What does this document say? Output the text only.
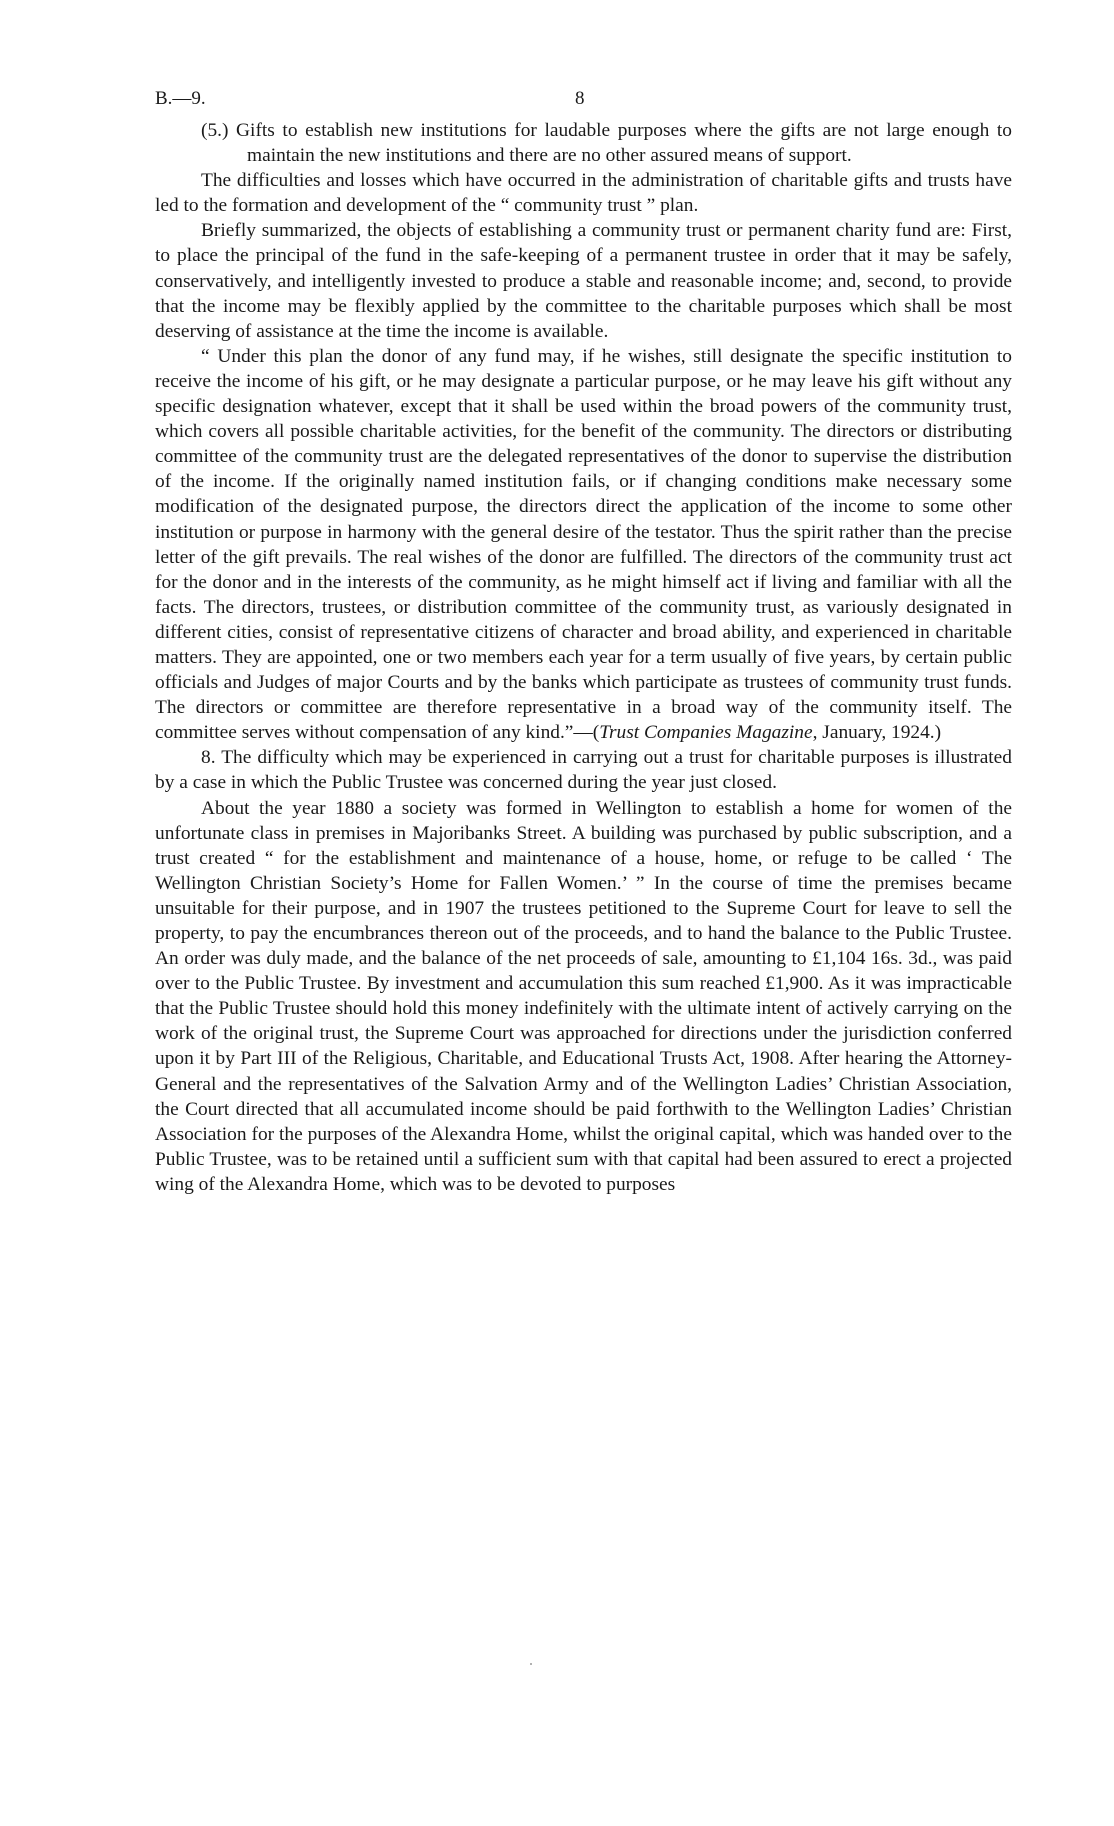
B.—9.	8

(5.) Gifts to establish new institutions for laudable purposes where the gifts are not large enough to maintain the new institutions and there are no other assured means of support.

The difficulties and losses which have occurred in the administration of charitable gifts and trusts have led to the formation and development of the “ community trust ” plan.

Briefly summarized, the objects of establishing a community trust or permanent charity fund are: First, to place the principal of the fund in the safe-keeping of a permanent trustee in order that it may be safely, conservatively, and intelligently invested to produce a stable and reasonable income; and, second, to provide that the income may be flexibly applied by the committee to the charitable purposes which shall be most deserving of assistance at the time the income is available.

“ Under this plan the donor of any fund may, if he wishes, still designate the specific institution to receive the income of his gift, or he may designate a particular purpose, or he may leave his gift without any specific designation whatever, except that it shall be used within the broad powers of the community trust, which covers all possible charitable activities, for the benefit of the community. The directors or distributing committee of the community trust are the delegated representatives of the donor to supervise the distribution of the income. If the originally named institution fails, or if changing conditions make necessary some modification of the designated purpose, the directors direct the application of the income to some other institution or purpose in harmony with the general desire of the testator. Thus the spirit rather than the precise letter of the gift prevails. The real wishes of the donor are fulfilled. The directors of the community trust act for the donor and in the interests of the community, as he might himself act if living and familiar with all the facts. The directors, trustees, or distribution committee of the community trust, as variously designated in different cities, consist of representative citizens of character and broad ability, and experienced in charitable matters. They are appointed, one or two members each year for a term usually of five years, by certain public officials and Judges of major Courts and by the banks which participate as trustees of community trust funds. The directors or committee are therefore representative in a broad way of the community itself. The committee serves without compensation of any kind.”—(Trust Companies Magazine, January, 1924.)

8. The difficulty which may be experienced in carrying out a trust for charitable purposes is illustrated by a case in which the Public Trustee was concerned during the year just closed.

About the year 1880 a society was formed in Wellington to establish a home for women of the unfortunate class in premises in Majoribanks Street. A building was purchased by public subscription, and a trust created “ for the establishment and maintenance of a house, home, or refuge to be called ‘ The Wellington Christian Society’s Home for Fallen Women.’ ” In the course of time the premises became unsuitable for their purpose, and in 1907 the trustees petitioned to the Supreme Court for leave to sell the property, to pay the encumbrances thereon out of the proceeds, and to hand the balance to the Public Trustee. An order was duly made, and the balance of the net proceeds of sale, amounting to £1,104 16s. 3d., was paid over to the Public Trustee. By investment and accumulation this sum reached £1,900. As it was impracticable that the Public Trustee should hold this money indefinitely with the ultimate intent of actively carrying on the work of the original trust, the Supreme Court was approached for directions under the jurisdiction conferred upon it by Part III of the Religious, Charitable, and Educational Trusts Act, 1908. After hearing the Attorney-General and the representatives of the Salvation Army and of the Wellington Ladies’ Christian Association, the Court directed that all accumulated income should be paid forthwith to the Wellington Ladies’ Christian Association for the purposes of the Alexandra Home, whilst the original capital, which was handed over to the Public Trustee, was to be retained until a sufficient sum with that capital had been assured to erect a projected wing of the Alexandra Home, which was to be devoted to purposes
